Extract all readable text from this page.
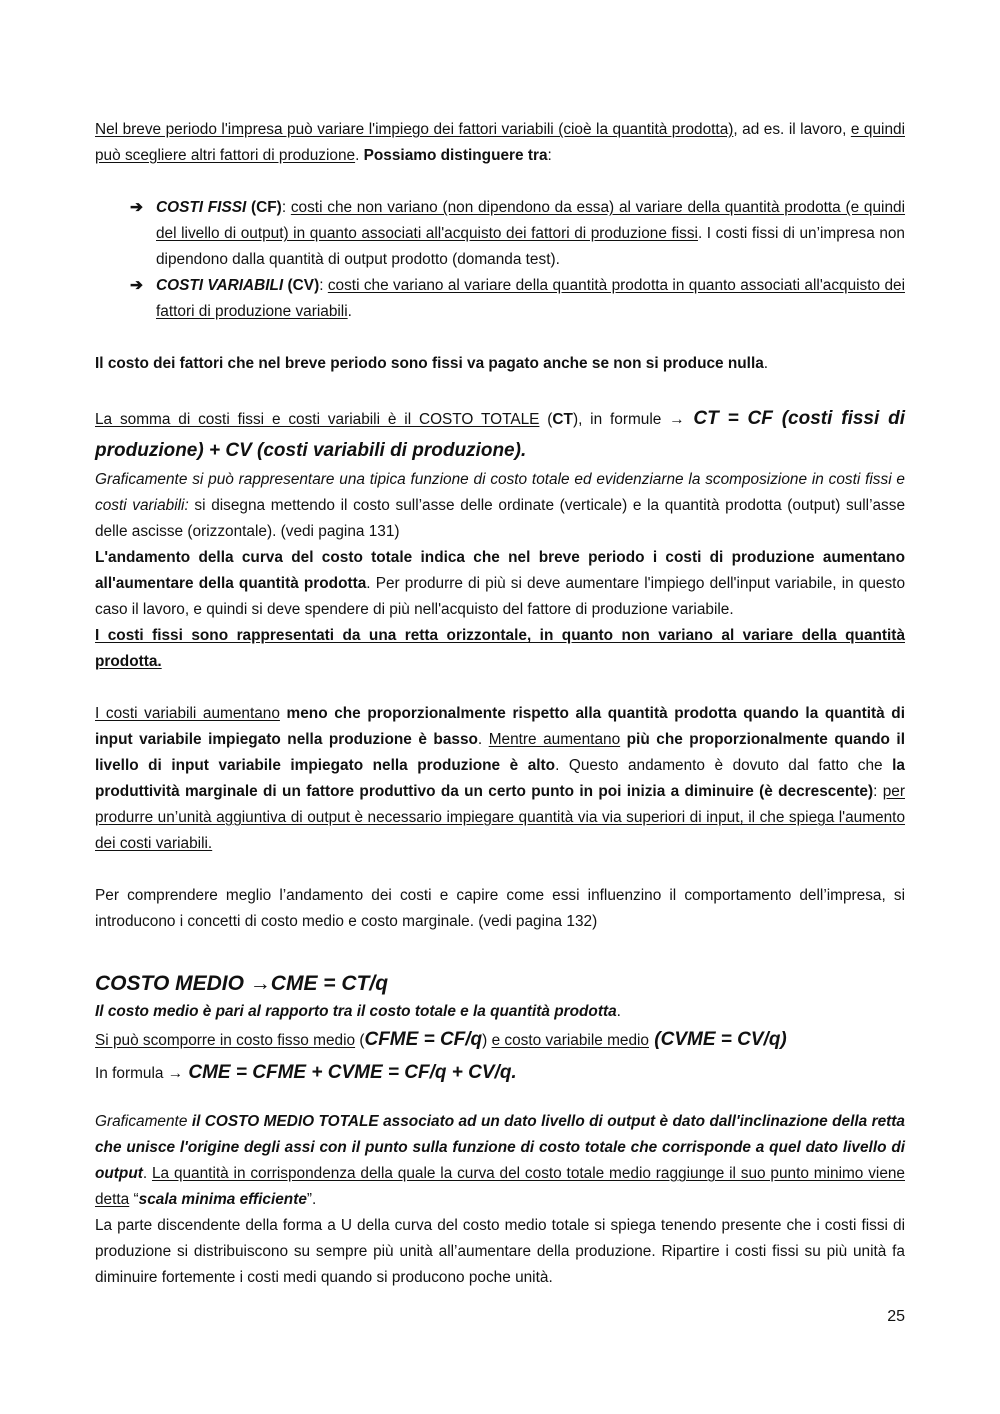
Nel breve periodo l'impresa può variare l'impiego dei fattori variabili (cioè la quantità prodotta), ad es. il lavoro, e quindi può scegliere altri fattori di produzione. Possiamo distinguere tra:

➔ COSTI FISSI (CF): costi che non variano (non dipendono da essa) al variare della quantità prodotta (e quindi del livello di output) in quanto associati all'acquisto dei fattori di produzione fissi. I costi fissi di un’impresa non dipendono dalla quantità di output prodotto (domanda test).
➔ COSTI VARIABILI (CV): costi che variano al variare della quantità prodotta in quanto associati all'acquisto dei fattori di produzione variabili.

Il costo dei fattori che nel breve periodo sono fissi va pagato anche se non si produce nulla.

La somma di costi fissi e costi variabili è il COSTO TOTALE (CT), in formule → CT = CF (costi fissi di produzione) + CV (costi variabili di produzione).

Graficamente si può rappresentare una tipica funzione di costo totale ed evidenziarne la scomposizione in costi fissi e costi variabili: si disegna mettendo il costo sull’asse delle ordinate (verticale) e la quantità prodotta (output) sull’asse delle ascisse (orizzontale). (vedi pagina 131)

L'andamento della curva del costo totale indica che nel breve periodo i costi di produzione aumentano all'aumentare della quantità prodotta. Per produrre di più si deve aumentare l'impiego dell'input variabile, in questo caso il lavoro, e quindi si deve spendere di più nell'acquisto del fattore di produzione variabile.

I costi fissi sono rappresentati da una retta orizzontale, in quanto non variano al variare della quantità prodotta.

I costi variabili aumentano meno che proporzionalmente rispetto alla quantità prodotta quando la quantità di input variabile impiegato nella produzione è basso. Mentre aumentano più che proporzionalmente quando il livello di input variabile impiegato nella produzione è alto. Questo andamento è dovuto dal fatto che la produttività marginale di un fattore produttivo da un certo punto in poi inizia a diminuire (è decrescente): per produrre un’unità aggiuntiva di output è necessario impiegare quantità via via superiori di input, il che spiega l'aumento dei costi variabili.

Per comprendere meglio l’andamento dei costi e capire come essi influenzino il comportamento dell’impresa, si introducono i concetti di costo medio e costo marginale. (vedi pagina 132)

COSTO MEDIO →CME = CT/q

Il costo medio è pari al rapporto tra il costo totale e la quantità prodotta.

Si può scomporre in costo fisso medio (CFME = CF/q) e costo variabile medio (CVME = CV/q)

In formula → CME = CFME + CVME = CF/q + CV/q.

Graficamente il COSTO MEDIO TOTALE associato ad un dato livello di output è dato dall'inclinazione della retta che unisce l'origine degli assi con il punto sulla funzione di costo totale che corrisponde a quel dato livello di output. La quantità in corrispondenza della quale la curva del costo totale medio raggiunge il suo punto minimo viene detta “scala minima efficiente”.

La parte discendente della forma a U della curva del costo medio totale si spiega tenendo presente che i costi fissi di produzione si distribuiscono su sempre più unità all’aumentare della produzione. Ripartire i costi fissi su più unità fa diminuire fortemente i costi medi quando si producono poche unità.

25
